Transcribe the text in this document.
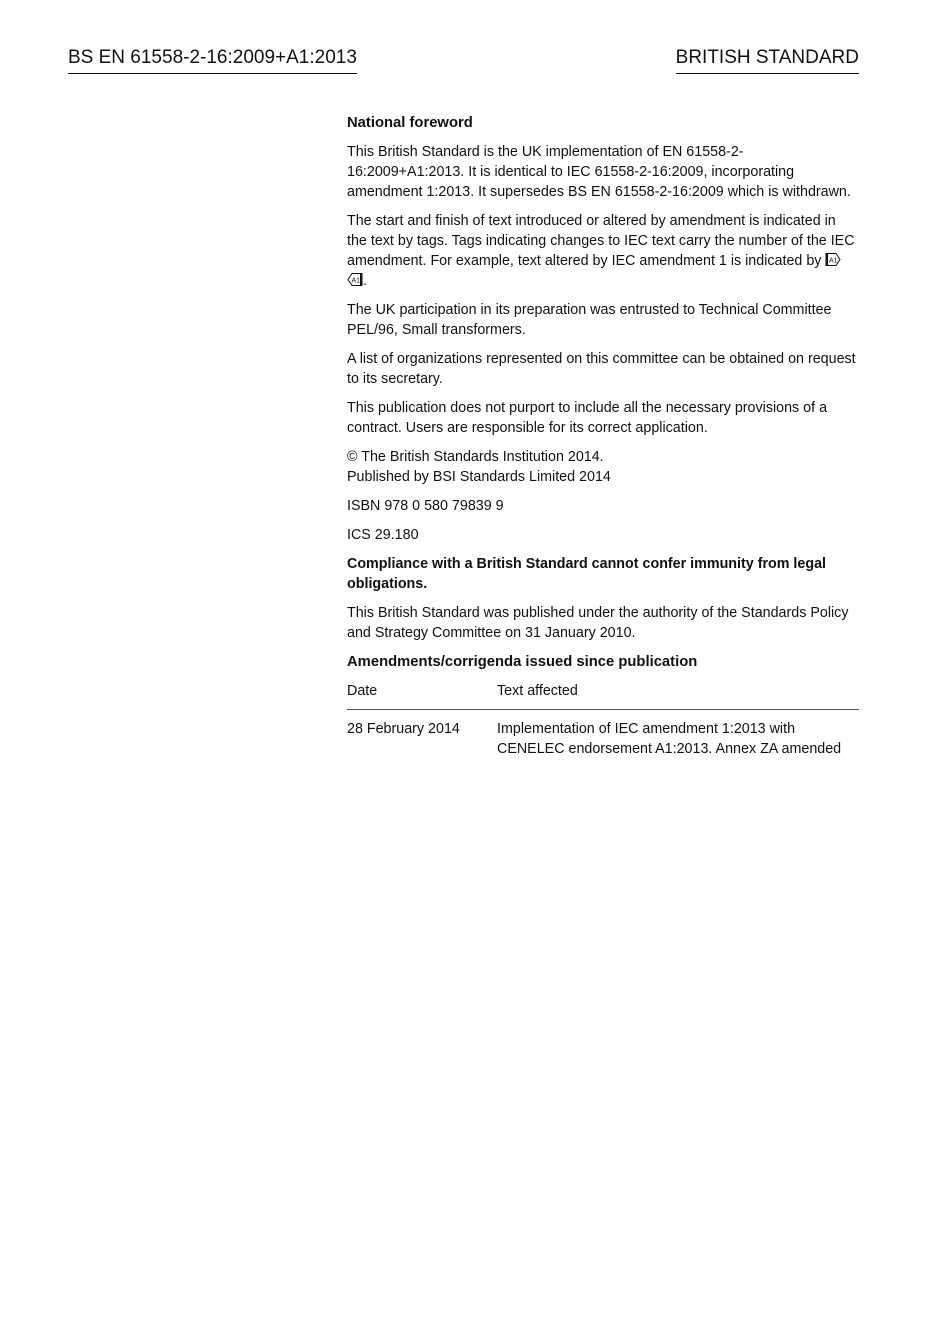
BS EN 61558-2-16:2009+A1:2013	BRITISH STANDARD
National foreword

This British Standard is the UK implementation of EN 61558-2-16:2009+A1:2013. It is identical to IEC 61558-2-16:2009, incorporating amendment 1:2013. It supersedes BS EN 61558-2-16:2009 which is withdrawn.

The start and finish of text introduced or altered by amendment is indicated in the text by tags. Tags indicating changes to IEC text carry the number of the IEC amendment. For example, text altered by IEC amendment 1 is indicated by A1

A1 .

The UK participation in its preparation was entrusted to Technical Committee PEL/96, Small transformers.

A list of organizations represented on this committee can be obtained on request to its secretary.

This publication does not purport to include all the necessary provisions of a contract. Users are responsible for its correct application.

© The British Standards Institution 2014.
Published by BSI Standards Limited 2014

ISBN 978 0 580 79839 9

ICS 29.180

Compliance with a British Standard cannot confer immunity from legal obligations.

This British Standard was published under the authority of the Standards Policy and Strategy Committee on 31 January 2010.

Amendments/corrigenda issued since publication
Date	Text affected
28 February 2014	Implementation of IEC amendment 1:2013 with CENELEC endorsement A1:2013. Annex ZA amended
